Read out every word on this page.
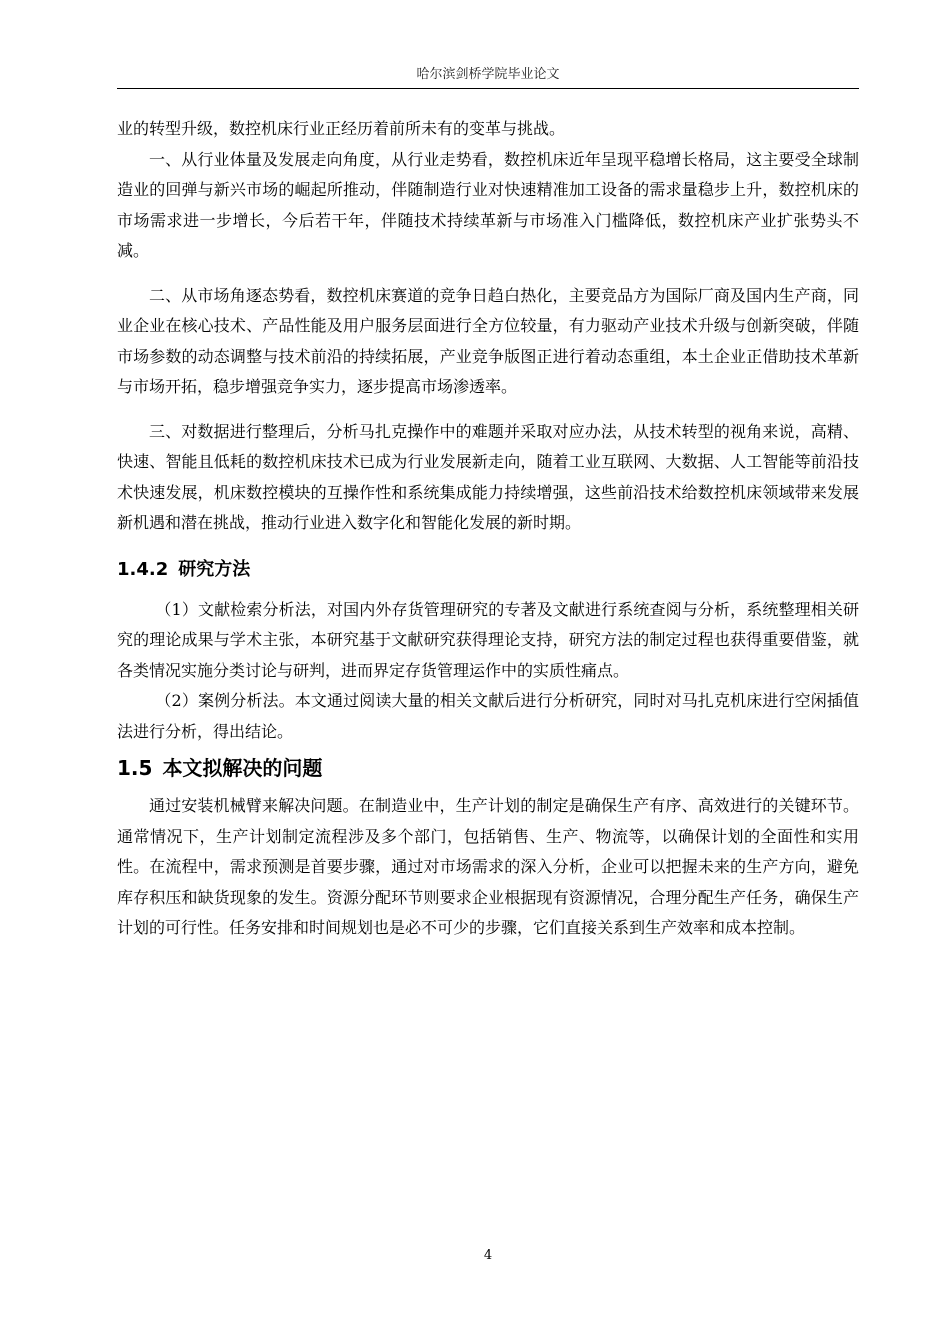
哈尔滨剑桥学院毕业论文

业的转型升级，数控机床行业正经历着前所未有的变革与挑战。

一、从行业体量及发展走向角度，从行业走势看，数控机床近年呈现平稳增长格局，这主要受全球制造业的回弹与新兴市场的崛起所推动，伴随制造行业对快速精准加工设备的需求量稳步上升，数控机床的市场需求进一步增长，今后若干年，伴随技术持续革新与市场准入门槛降低，数控机床产业扩张势头不减。

二、从市场角逐态势看，数控机床赛道的竞争日趋白热化，主要竞品方为国际厂商及国内生产商，同业企业在核心技术、产品性能及用户服务层面进行全方位较量，有力驱动产业技术升级与创新突破，伴随市场参数的动态调整与技术前沿的持续拓展，产业竞争版图正进行着动态重组，本土企业正借助技术革新与市场开拓，稳步增强竞争实力，逐步提高市场渗透率。

三、对数据进行整理后，分析马扎克操作中的难题并采取对应办法，从技术转型的视角来说，高精、快速、智能且低耗的数控机床技术已成为行业发展新走向，随着工业互联网、大数据、人工智能等前沿技术快速发展，机床数控模块的互操作性和系统集成能力持续增强，这些前沿技术给数控机床领域带来发展新机遇和潜在挑战，推动行业进入数字化和智能化发展的新时期。

1.4.2 研究方法

（1）文献检索分析法，对国内外存货管理研究的专著及文献进行系统查阅与分析，系统整理相关研究的理论成果与学术主张，本研究基于文献研究获得理论支持，研究方法的制定过程也获得重要借鉴，就各类情况实施分类讨论与研判，进而界定存货管理运作中的实质性痛点。

（2）案例分析法。本文通过阅读大量的相关文献后进行分析研究，同时对马扎克机床进行空闲插值法进行分析，得出结论。

1.5 本文拟解决的问题

通过安装机械臂来解决问题。在制造业中，生产计划的制定是确保生产有序、高效进行的关键环节。通常情况下，生产计划制定流程涉及多个部门，包括销售、生产、物流等，以确保计划的全面性和实用性。在流程中，需求预测是首要步骤，通过对市场需求的深入分析，企业可以把握未来的生产方向，避免库存积压和缺货现象的发生。资源分配环节则要求企业根据现有资源情况，合理分配生产任务，确保生产计划的可行性。任务安排和时间规划也是必不可少的步骤，它们直接关系到生产效率和成本控制。

4
